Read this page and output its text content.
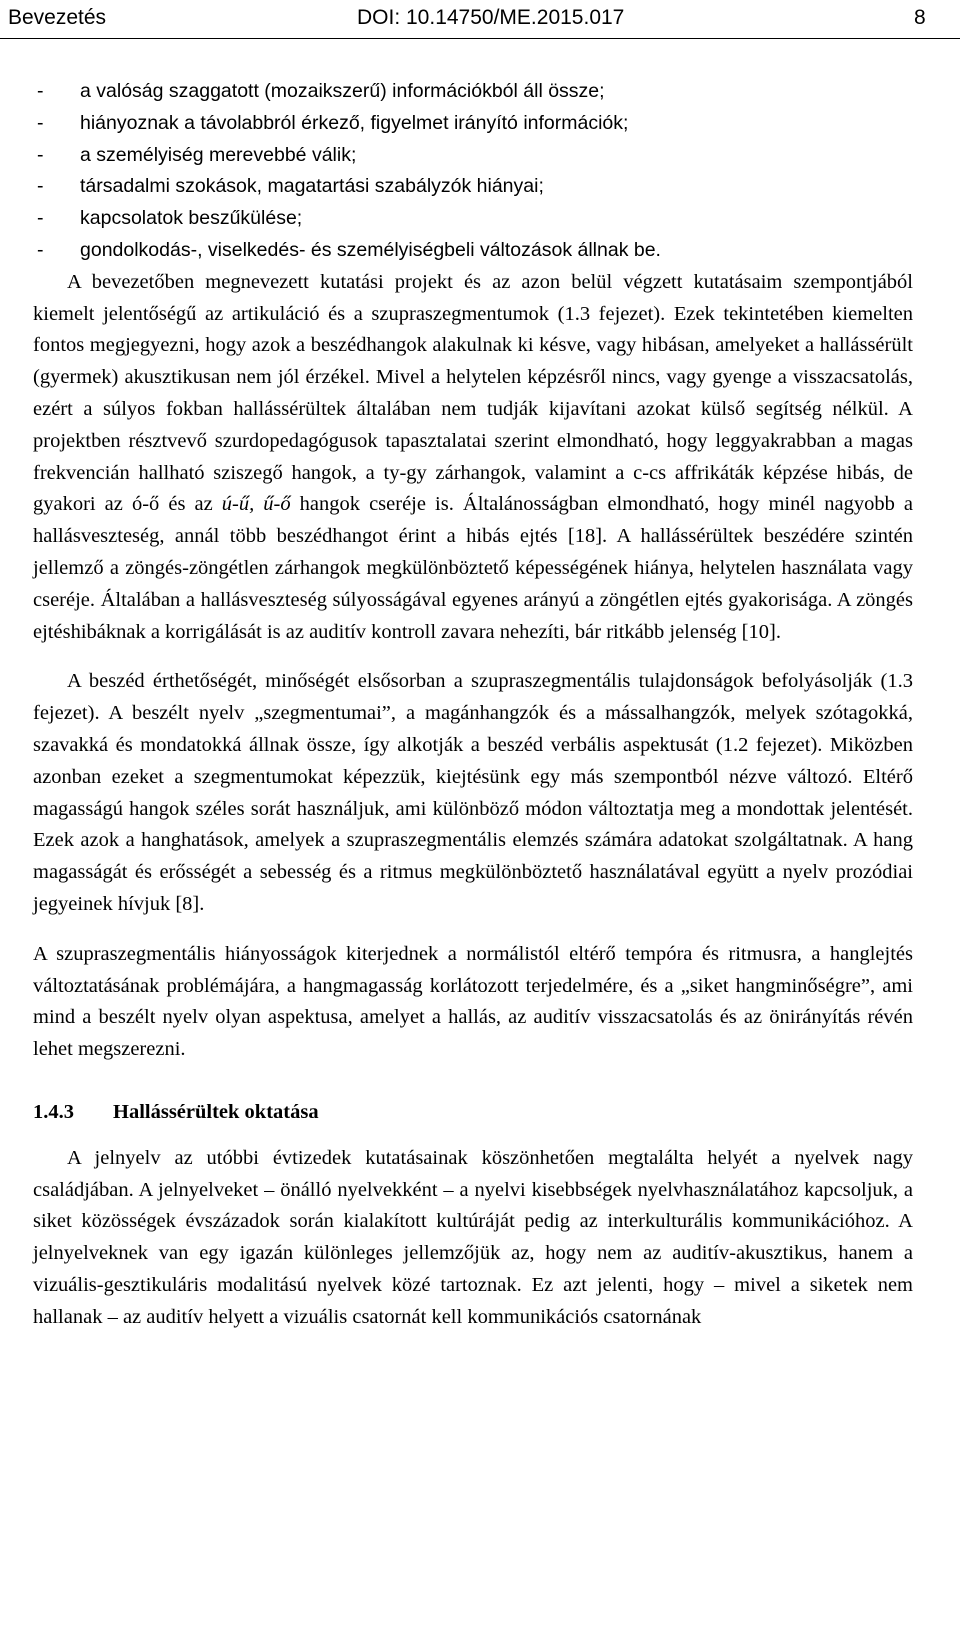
Bevezetés	DOI: 10.14750/ME.2015.017	8
- a valóság szaggatott (mozaikszerű) információkból áll össze;
- hiányoznak a távolabbról érkező, figyelmet irányító információk;
- a személyiség merevebbé válik;
- társadalmi szokások, magatartási szabályzók hiányai;
- kapcsolatok beszűkülése;
- gondolkodás-, viselkedés- és személyiségbeli változások állnak be.

A bevezetőben megnevezett kutatási projekt és az azon belül végzett kutatásaim szempontjából kiemelt jelentőségű az artikuláció és a szupraszegmentumok (1.3 fejezet). Ezek tekintetében kiemelten fontos megjegyezni, hogy azok a beszédhangok alakulnak ki késve, vagy hibásan, amelyeket a hallássérült (gyermek) akusztikusan nem jól érzékel. Mivel a helytelen képzésről nincs, vagy gyenge a visszacsatolás, ezért a súlyos fokban hallássérültek általában nem tudják kijavítani azokat külső segítség nélkül. A projektben résztvevő szurdopedagógusok tapasztalatai szerint elmondható, hogy leggyakrabban a magas frekvencián hallható sziszegő hangok, a ty-gy zárhangok, valamint a c-cs affrikáták képzése hibás, de gyakori az ó-ő és az ú-ű, ű-ő hangok cseréje is. Általánosságban elmondható, hogy minél nagyobb a hallásveszteség, annál több beszédhangot érint a hibás ejtés [18]. A hallássérültek beszédére szintén jellemző a zöngés-zöngétlen zárhangok megkülönböztető képességének hiánya, helytelen használata vagy cseréje. Általában a hallásveszteség súlyosságával egyenes arányú a zöngétlen ejtés gyakorisága. A zöngés ejtéshibáknak a korrigálását is az auditív kontroll zavara nehezíti, bár ritkább jelenség [10].

A beszéd érthetőségét, minőségét elsősorban a szupraszegmentális tulajdonságok befolyásolják (1.3 fejezet). A beszélt nyelv „szegmentumai”, a magánhangzók és a mássalhangzók, melyek szótagokká, szavakká és mondatokká állnak össze, így alkotják a beszéd verbális aspektusát (1.2 fejezet). Miközben azonban ezeket a szegmentumokat képezzük, kiejtésünk egy más szempontból nézve változó. Eltérő magasságú hangok széles sorát használjuk, ami különböző módon változtatja meg a mondottak jelentését. Ezek azok a hanghatások, amelyek a szupraszegmentális elemzés számára adatokat szolgáltatnak. A hang magasságát és erősségét a sebesség és a ritmus megkülönböztető használatával együtt a nyelv prozódiai jegyeinek hívjuk [8].

A szupraszegmentális hiányosságok kiterjednek a normálistól eltérő tempóra és ritmusra, a hanglejtés változtatásának problémájára, a hangmagasság korlátozott terjedelmére, és a „siket hangminőségre”, ami mind a beszélt nyelv olyan aspektusa, amelyet a hallás, az auditív visszacsatolás és az önirányítás révén lehet megszerezni.

1.4.3 Hallássérültek oktatása

A jelnyelv az utóbbi évtizedek kutatásainak köszönhetően megtalálta helyét a nyelvek nagy családjában. A jelnyelveket – önálló nyelvekként – a nyelvi kisebbségek nyelvhasználatához kapcsoljuk, a siket közösségek évszázadok során kialakított kultúráját pedig az interkulturális kommunikációhoz. A jelnyelveknek van egy igazán különleges jellemzőjük az, hogy nem az auditív-akusztikus, hanem a vizuális-gesztikuláris modalitású nyelvek közé tartoznak. Ez azt jelenti, hogy – mivel a siketek nem hallanak – az auditív helyett a vizuális csatornát kell kommunikációs csatornának
